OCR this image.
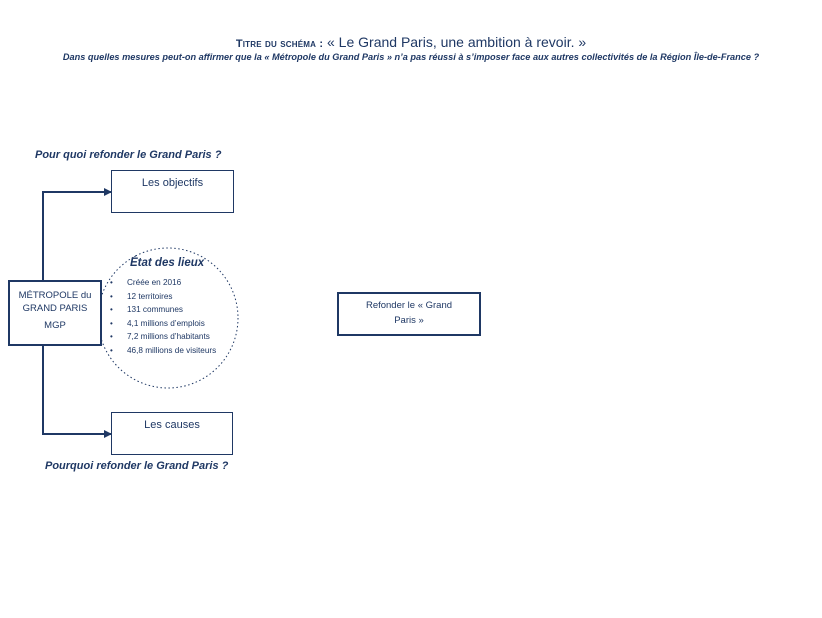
Titre du schéma : « Le Grand Paris, une ambition à revoir. »
Dans quelles mesures peut-on affirmer que la « Métropole du Grand Paris » n’a pas réussi à s’imposer face aux autres collectivités de la Région Île-de-France ?
Pour quoi refonder le Grand Paris ?
Les objectifs
MÉTROPOLE du
GRAND PARIS
MGP
État des lieux
• Créée en 2016
• 12 territoires
• 131 communes
• 4,1 millions d’emplois
• 7,2 millions d’habitants
• 46,8 millions de visiteurs
Les causes
Pourquoi refonder le Grand Paris ?
Refonder le « Grand
Paris »
